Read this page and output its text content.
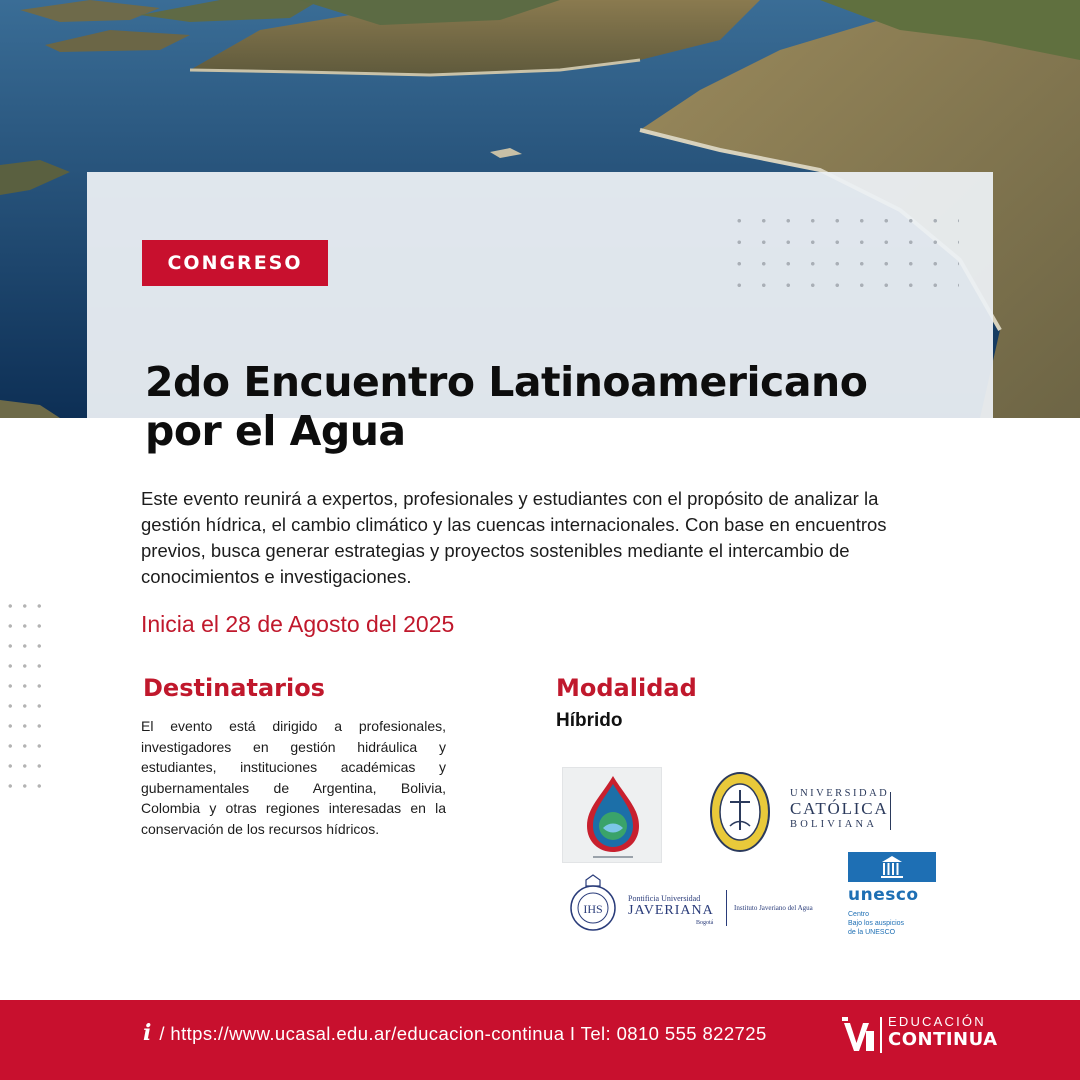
CONGRESO
2do Encuentro Latinoamericano
por el Agua

Este evento reunirá a expertos, profesionales y estudiantes con el propósito de analizar la gestión hídrica, el cambio climático y las cuencas internacionales. Con base en encuentros previos, busca generar estrategias y proyectos sostenibles mediante el intercambio de conocimientos e investigaciones.

Inicia el 28 de Agosto del 2025

Destinatarios

El evento está dirigido a profesionales, investigadores en gestión hidráulica y estudiantes, instituciones académicas y gubernamentales de Argentina, Bolivia, Colombia y otras regiones interesadas en la conservación de los recursos hídricos.

Modalidad

Híbrido

UNIVERSIDAD
CATÓLICA
BOLIVIANA
IHS
Pontificia Universidad
JAVERIANA
Bogotá
Instituto Javeriano del Agua
unesco
Centro
Bajo los auspicios
de la UNESCO
i / https://www.ucasal.edu.ar/educacion-continua I Tel: 0810 555 822725
EDUCACIÓN
CONTINUA
